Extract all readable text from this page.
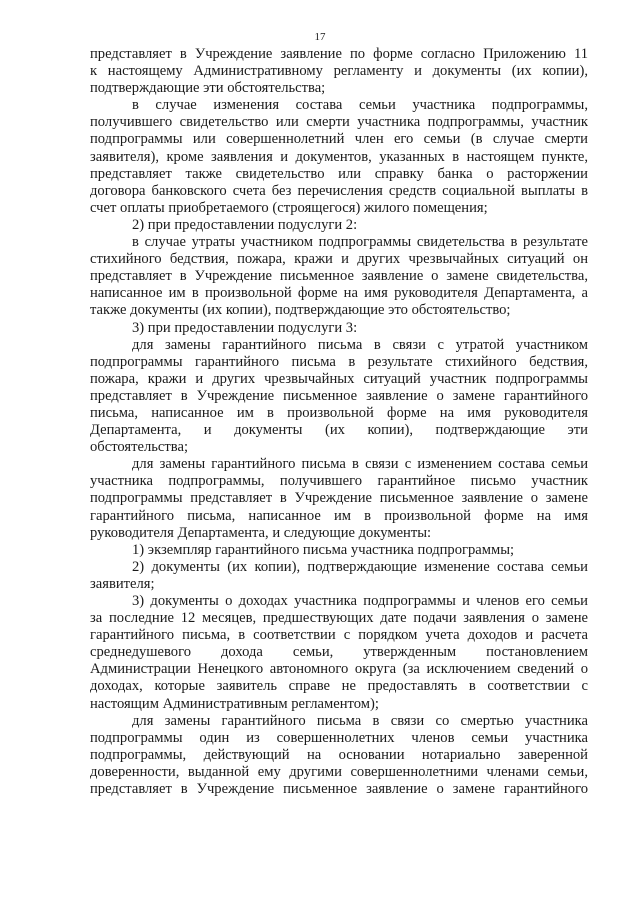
17
представляет в Учреждение заявление по форме согласно Приложению 11
к настоящему Административному регламенту и документы (их копии),
подтверждающие эти обстоятельства;
в случае изменения состава семьи участника подпрограммы,
получившего свидетельство или смерти участника подпрограммы, участник
подпрограммы или совершеннолетний член его семьи (в случае смерти
заявителя), кроме заявления и документов, указанных в настоящем пункте,
представляет также свидетельство или справку банка о расторжении
договора банковского счета без перечисления средств социальной выплаты в
счет оплаты приобретаемого (строящегося) жилого помещения;
2) при предоставлении подуслуги 2:
в случае утраты участником подпрограммы свидетельства в результате
стихийного бедствия, пожара, кражи и других чрезвычайных ситуаций он
представляет в Учреждение письменное заявление о замене свидетельства,
написанное им в произвольной форме на имя руководителя Департамента, а
также документы (их копии), подтверждающие это обстоятельство;
3) при предоставлении подуслуги 3:
для замены гарантийного письма в связи с утратой участником
подпрограммы гарантийного письма в результате стихийного бедствия,
пожара, кражи и других чрезвычайных ситуаций участник подпрограммы
представляет в Учреждение письменное заявление о замене гарантийного
письма, написанное им в произвольной форме на имя руководителя
Департамента, и документы (их копии), подтверждающие эти
обстоятельства;
для замены гарантийного письма в связи с изменением состава семьи
участника подпрограммы, получившего гарантийное письмо участник
подпрограммы представляет в Учреждение письменное заявление о замене
гарантийного письма, написанное им в произвольной форме на имя
руководителя Департамента, и следующие документы:
1) экземпляр гарантийного письма участника подпрограммы;
2) документы (их копии), подтверждающие изменение состава семьи
заявителя;
3) документы о доходах участника подпрограммы и членов его семьи
за последние 12 месяцев, предшествующих дате подачи заявления о замене
гарантийного письма, в соответствии с порядком учета доходов и расчета
среднедушевого дохода семьи, утвержденным постановлением
Администрации Ненецкого автономного округа (за исключением сведений о
доходах, которые заявитель справе не предоставлять в соответствии с
настоящим Административным регламентом);
для замены гарантийного письма в связи со смертью участника
подпрограммы один из совершеннолетних членов семьи участника
подпрограммы, действующий на основании нотариально заверенной
доверенности, выданной ему другими совершеннолетними членами семьи,
представляет в Учреждение письменное заявление о замене гарантийного
